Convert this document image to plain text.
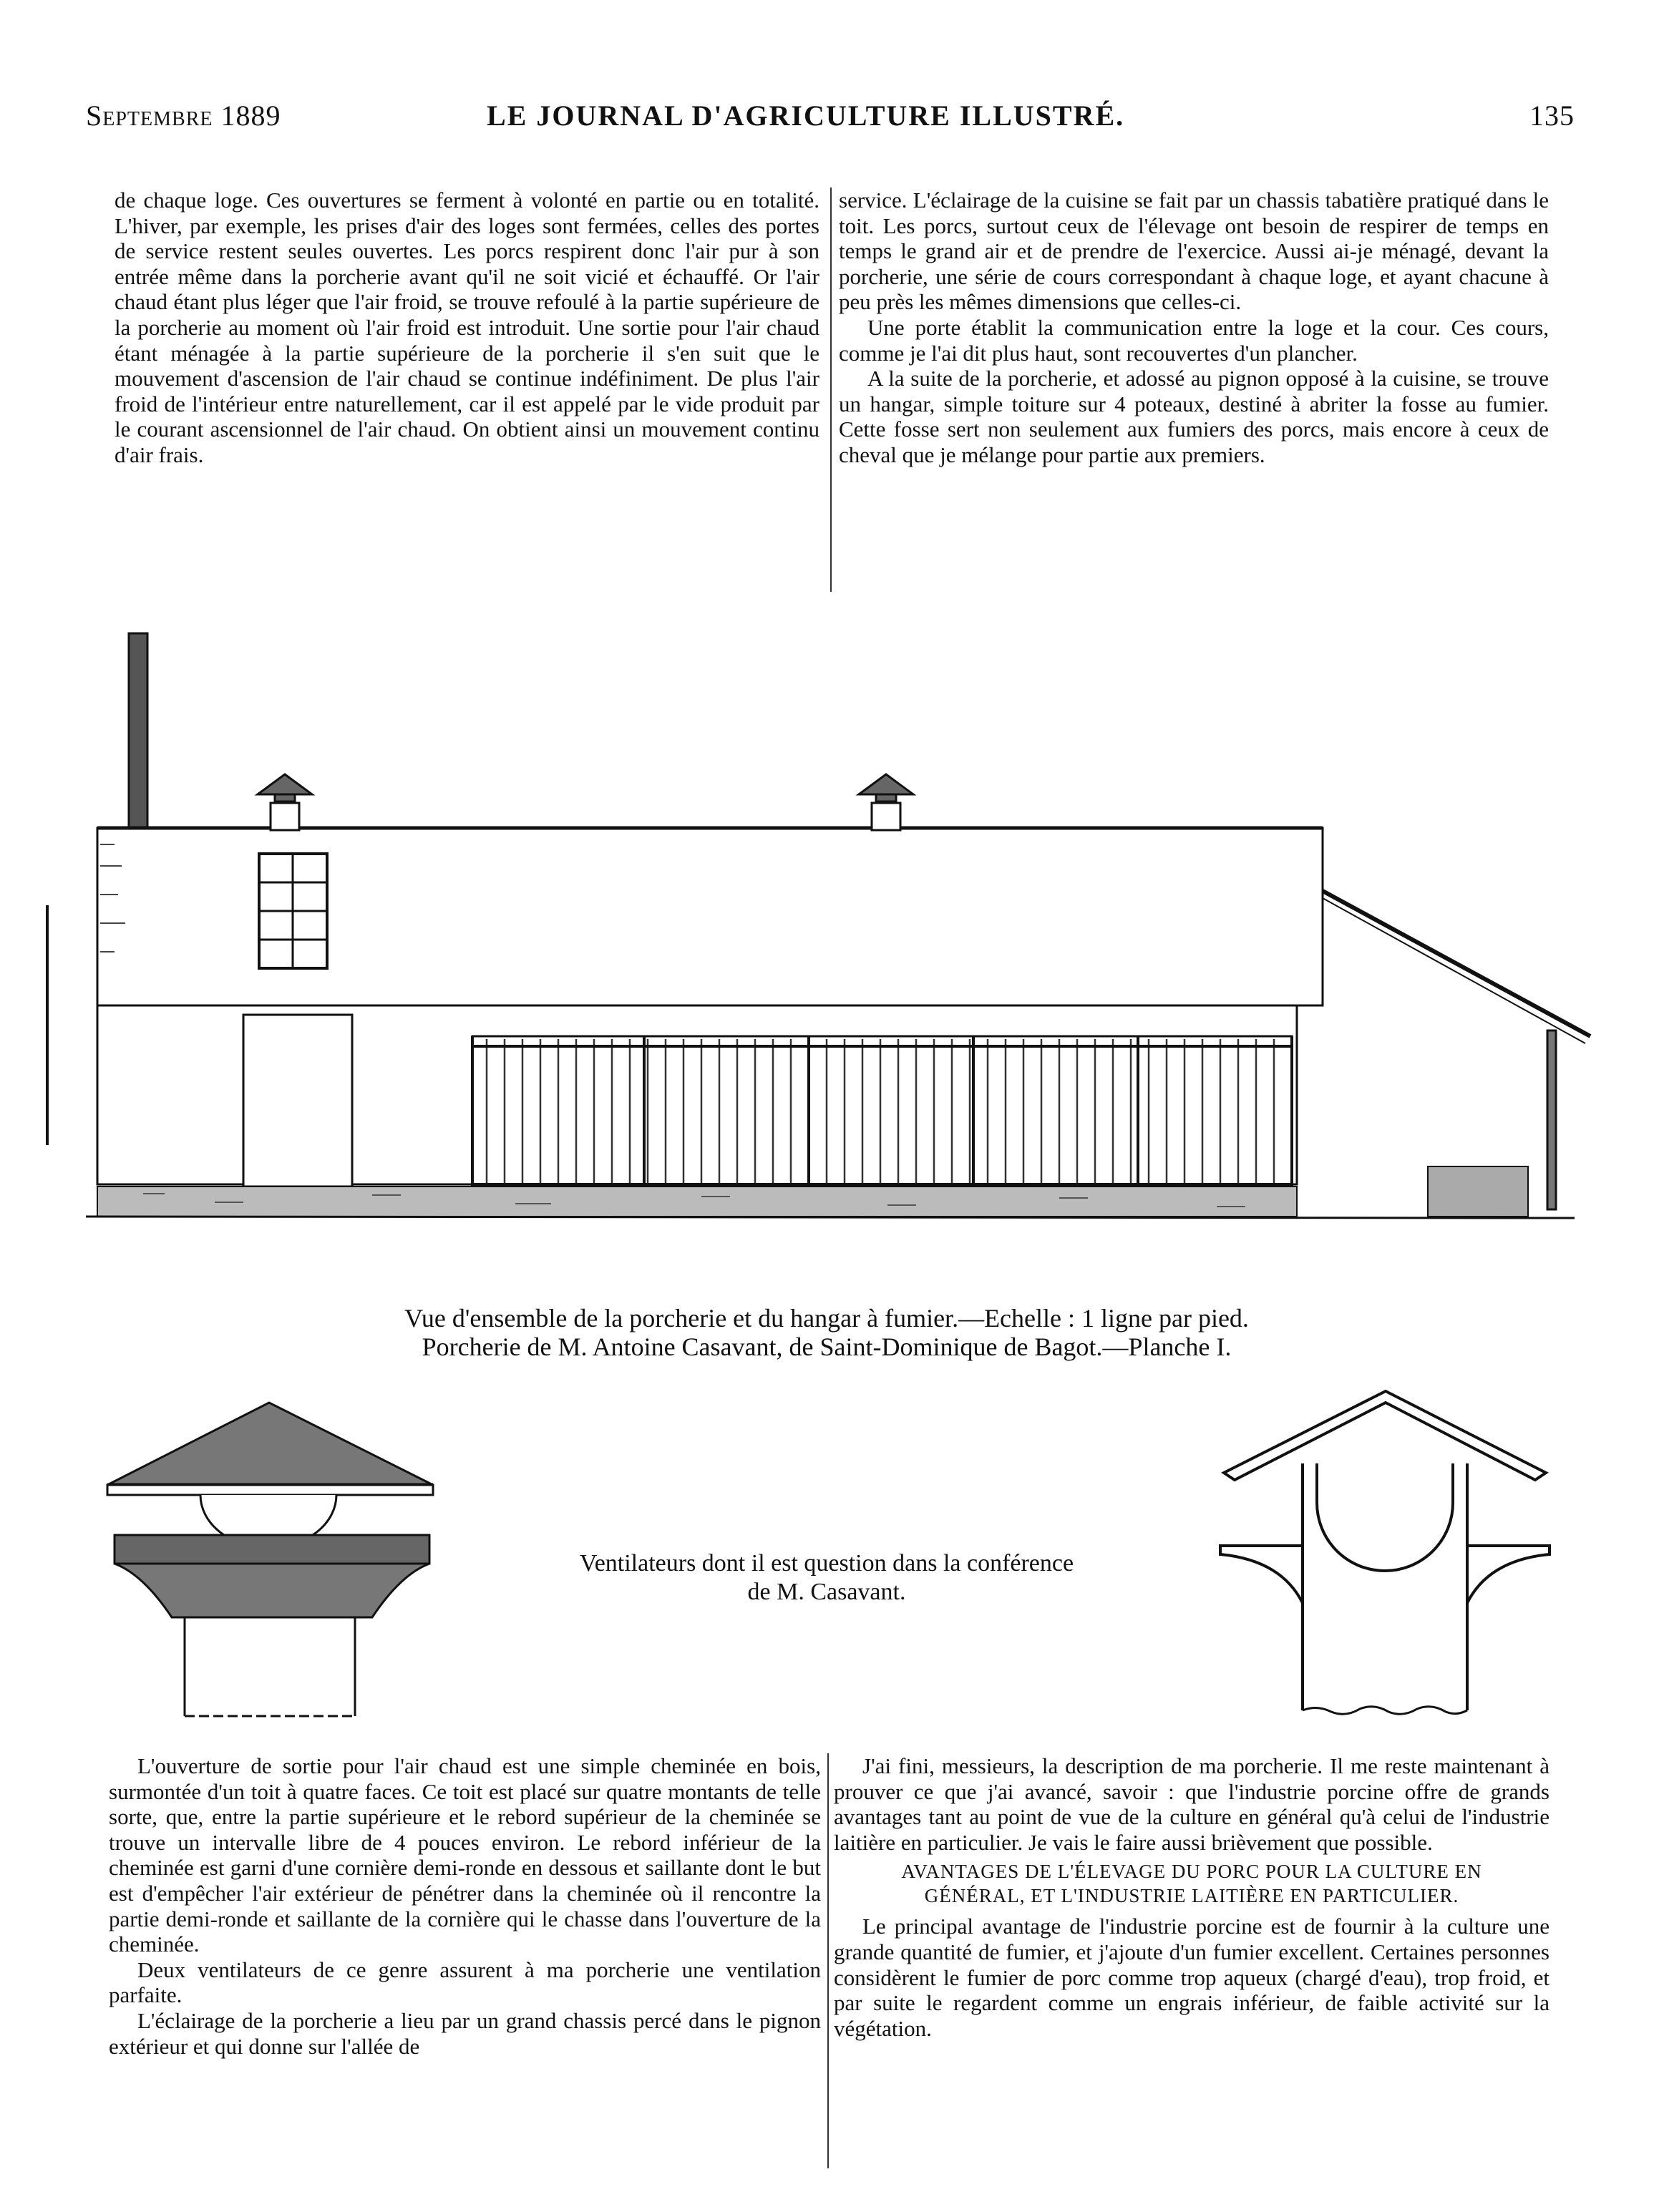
Septembre 1889	LE JOURNAL D'AGRICULTURE ILLUSTRÉ.	135

de chaque loge. Ces ouvertures se ferment à volonté en partie ou en totalité. L'hiver, par exemple, les prises d'air des loges sont fermées, celles des portes de service restent seules ouvertes. Les porcs respirent donc l'air pur à son entrée même dans la porcherie avant qu'il ne soit vicié et échauffé. Or l'air chaud étant plus léger que l'air froid, se trouve refoulé à la partie supérieure de la porcherie au moment où l'air froid est introduit. Une sortie pour l'air chaud étant ménagée à la partie supérieure de la porcherie il s'en suit que le mouvement d'ascension de l'air chaud se continue indéfiniment. De plus l'air froid de l'intérieur entre naturellement, car il est appelé par le vide produit par le courant ascensionnel de l'air chaud. On obtient ainsi un mouvement continu d'air frais.

service. L'éclairage de la cuisine se fait par un chassis tabatière pratiqué dans le toit. Les porcs, surtout ceux de l'élevage ont besoin de respirer de temps en temps le grand air et de prendre de l'exercice. Aussi ai-je ménagé, devant la porcherie, une série de cours correspondant à chaque loge, et ayant chacune à peu près les mêmes dimensions que celles-ci.

Une porte établit la communication entre la loge et la cour. Ces cours, comme je l'ai dit plus haut, sont recouvertes d'un plancher.

A la suite de la porcherie, et adossé au pignon opposé à la cuisine, se trouve un hangar, simple toiture sur 4 poteaux, destiné à abriter la fosse au fumier. Cette fosse sert non seulement aux fumiers des porcs, mais encore à ceux de cheval que je mélange pour partie aux premiers.

Vue d'ensemble de la porcherie et du hangar à fumier.—Echelle : 1 ligne par pied.
Porcherie de M. Antoine Casavant, de Saint-Dominique de Bagot.—Planche I.
Ventilateurs dont il est question dans la conférence
de M. Casavant.

L'ouverture de sortie pour l'air chaud est une simple cheminée en bois, surmontée d'un toit à quatre faces. Ce toit est placé sur quatre montants de telle sorte, que, entre la partie supérieure et le rebord supérieur de la cheminée se trouve un intervalle libre de 4 pouces environ. Le rebord inférieur de la cheminée est garni d'une cornière demi-ronde en dessous et saillante dont le but est d'empêcher l'air extérieur de pénétrer dans la cheminée où il rencontre la partie demi-ronde et saillante de la cornière qui le chasse dans l'ouverture de la cheminée.

Deux ventilateurs de ce genre assurent à ma porcherie une ventilation parfaite.

L'éclairage de la porcherie a lieu par un grand chassis percé dans le pignon extérieur et qui donne sur l'allée de

J'ai fini, messieurs, la description de ma porcherie. Il me reste maintenant à prouver ce que j'ai avancé, savoir : que l'industrie porcine offre de grands avantages tant au point de vue de la culture en général qu'à celui de l'industrie laitière en particulier. Je vais le faire aussi brièvement que possible.

AVANTAGES DE L'ÉLEVAGE DU PORC POUR LA CULTURE EN
GÉNÉRAL, ET L'INDUSTRIE LAITIÈRE EN PARTICULIER.

Le principal avantage de l'industrie porcine est de fournir à la culture une grande quantité de fumier, et j'ajoute d'un fumier excellent. Certaines personnes considèrent le fumier de porc comme trop aqueux (chargé d'eau), trop froid, et par suite le regardent comme un engrais inférieur, de faible activité sur la végétation.
